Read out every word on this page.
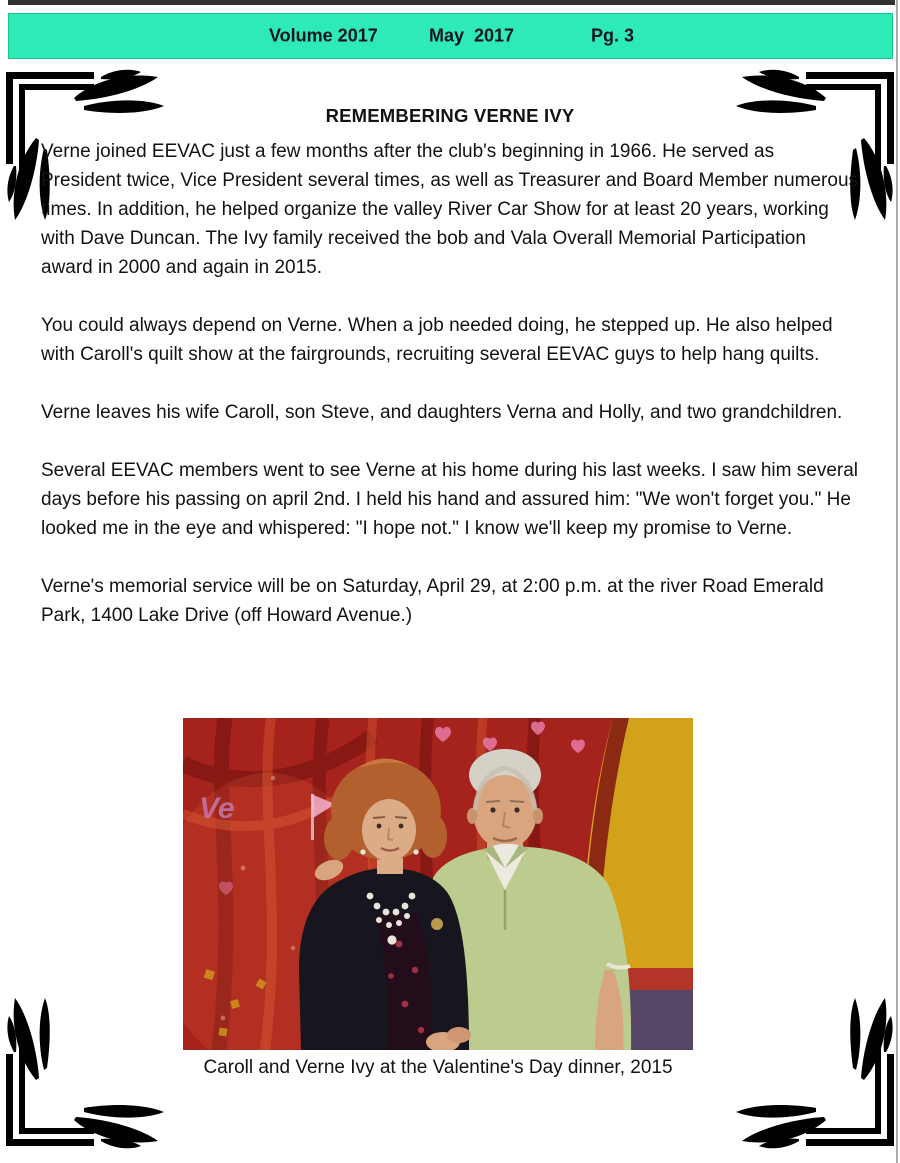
Volume 2017	May  2017	Pg. 3
REMEMBERING VERNE IVY

Verne joined EEVAC just a few months after the club's beginning in 1966. He served as President twice, Vice President several times, as well as Treasurer and Board Member numerous times. In addition, he helped organize the valley River Car Show for at least 20 years, working with Dave Duncan. The Ivy family received the bob and Vala Overall Memorial Participation award in 2000 and again in 2015.

You could always depend on Verne. When a job needed doing, he stepped up. He also helped with Caroll's quilt show at the fairgrounds, recruiting several EEVAC guys to help hang quilts.

Verne leaves his wife Caroll, son Steve, and daughters Verna and Holly, and two grandchildren.

Several EEVAC members went to see Verne at his home during his last weeks. I saw him several days before his passing on april 2nd. I held his hand and assured him: "We won't forget you." He looked me in the eye and whispered: "I hope not." I know we'll keep my promise to Verne.

Verne's memorial service will be on Saturday, April 29, at 2:00 p.m. at the river Road Emerald Park, 1400 Lake Drive (off Howard Avenue.)

Ve
Caroll and Verne Ivy at the Valentine's Day dinner, 2015
